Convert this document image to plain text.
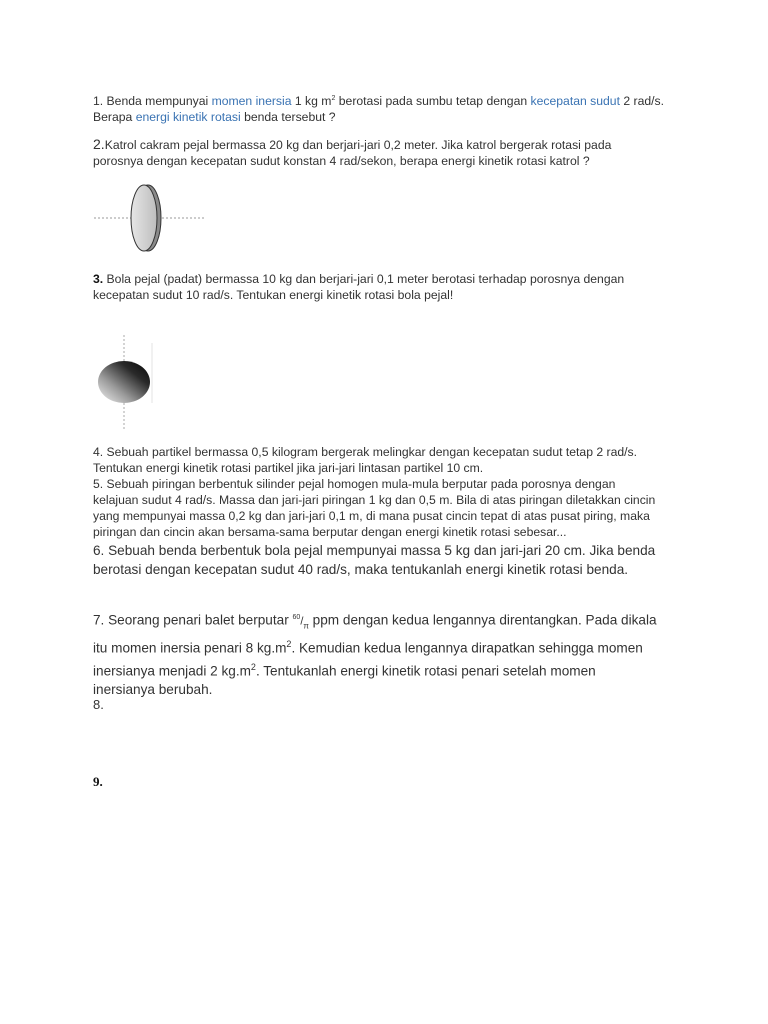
1. Benda mempunyai momen inersia 1 kg $m^2$ berotasi pada sumbu tetap dengan kecepatan sudut 2 rad/s. Berapa energi kinetik rotasi benda tersebut ?
2.Katrol cakram pejal bermassa 20 kg dan berjari-jari 0,2 meter. Jika katrol bergerak rotasi pada porosnya dengan kecepatan sudut konstan 4 rad/sekon, berapa energi kinetik rotasi katrol ?
3. Bola pejal (padat) bermassa 10 kg dan berjari-jari 0,1 meter berotasi terhadap porosnya dengan kecepatan sudut 10 rad/s. Tentukan energi kinetik rotasi bola pejal!
4. Sebuah partikel bermassa 0,5 kilogram bergerak melingkar dengan kecepatan sudut tetap 2 rad/s. Tentukan energi kinetik rotasi partikel jika jari-jari lintasan partikel 10 cm.
5. Sebuah piringan berbentuk silinder pejal homogen mula-mula berputar pada porosnya dengan kelajuan sudut 4 rad/s. Massa dan jari-jari piringan 1 kg dan 0,5 m. Bila di atas piringan diletakkan cincin yang mempunyai massa 0,2 kg dan jari-jari 0,1 m, di mana pusat cincin tepat di atas pusat piring, maka piringan dan cincin akan bersama-sama berputar dengan energi kinetik rotasi sebesar...
6. Sebuah benda berbentuk bola pejal mempunyai massa 5 kg dan jari-jari 20 cm. Jika benda berotasi dengan kecepatan sudut 40 rad/s, maka tentukanlah energi kinetik rotasi benda.
7. Seorang penari balet berputar $^{60}/_\pi$ ppm dengan kedua lengannya direntangkan. Pada dikala itu momen inersia penari 8 $kg.m^2$. Kemudian kedua lengannya dirapatkan sehingga momen inersianya menjadi 2 $kg.m^2$. Tentukanlah energi kinetik rotasi penari setelah momen inersianya berubah.
8.
9.
